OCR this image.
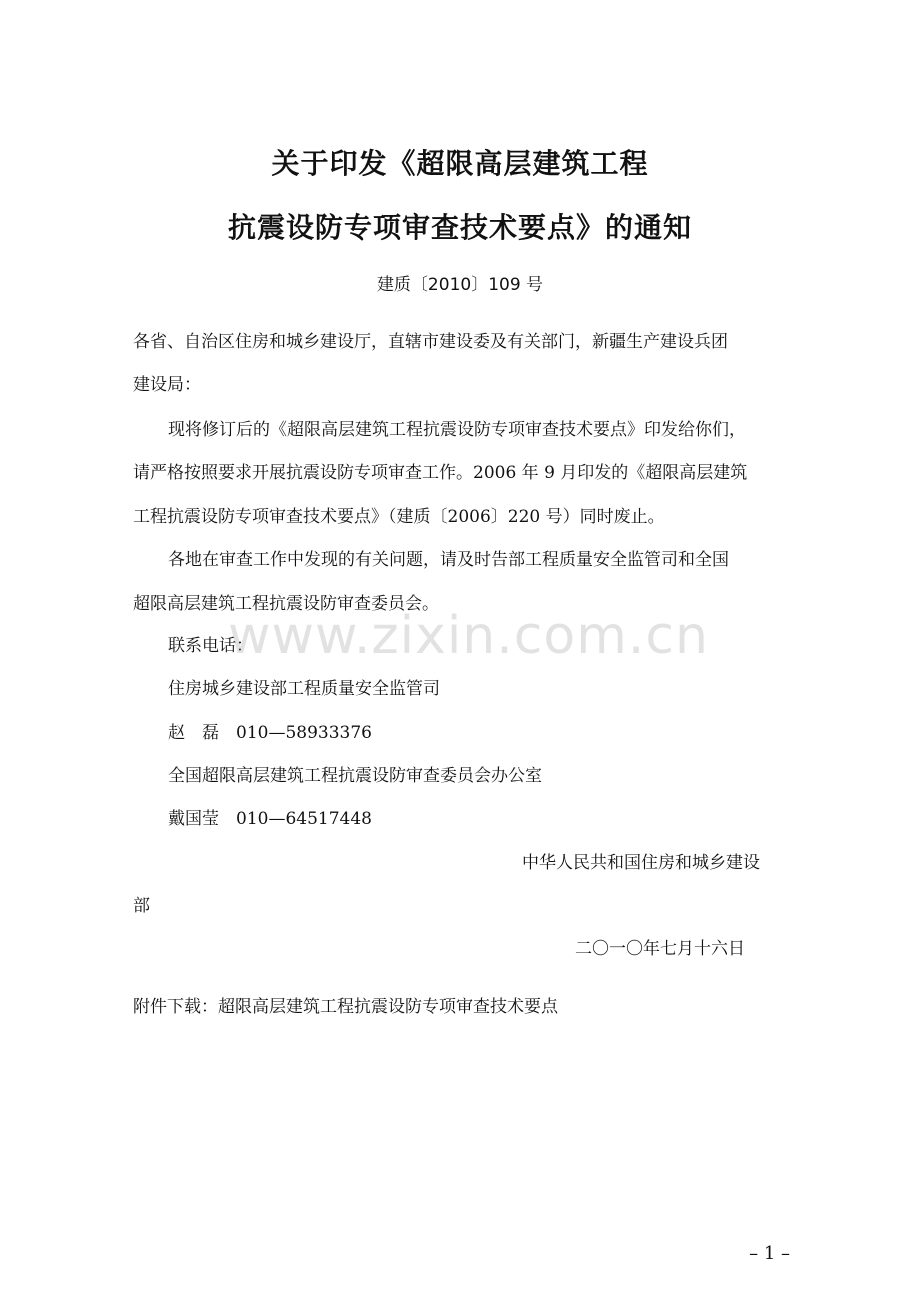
关于印发《超限高层建筑工程
抗震设防专项审查技术要点》的通知
建质〔2010〕109 号
各省、自治区住房和城乡建设厅，直辖市建设委及有关部门，新疆生产建设兵团
建设局：
现将修订后的《超限高层建筑工程抗震设防专项审查技术要点》印发给你们，
请严格按照要求开展抗震设防专项审查工作。2006 年 9 月印发的《超限高层建筑
工程抗震设防专项审查技术要点》（建质〔2006〕220 号）同时废止。
各地在审查工作中发现的有关问题，请及时告部工程质量安全监管司和全国
超限高层建筑工程抗震设防审查委员会。
联系电话：
住房城乡建设部工程质量安全监管司
赵　磊　010—58933376
全国超限高层建筑工程抗震设防审查委员会办公室
戴国莹　010—64517448
中华人民共和国住房和城乡建设
部
二〇一〇年七月十六日
附件下载：超限高层建筑工程抗震设防专项审查技术要点
www.zixin.com.cn
– 1 –
